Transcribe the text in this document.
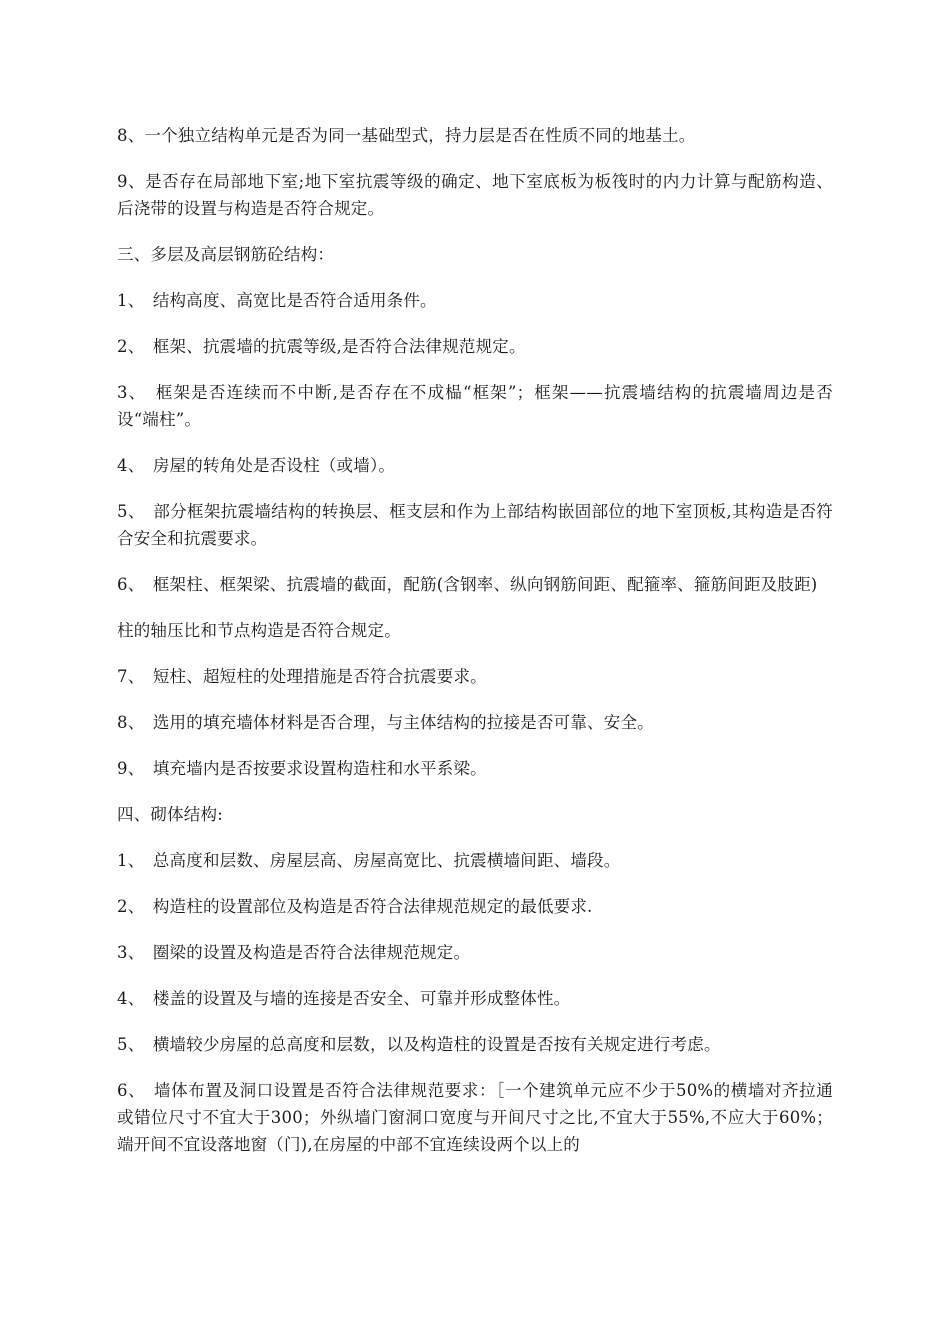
8、一个独立结构单元是否为同一基础型式，持力层是否在性质不同的地基土。

9、是否存在局部地下室;地下室抗震等级的确定、地下室底板为板筏时的内力计算与配筋构造、后浇带的设置与构造是否符合规定。

三、多层及高层钢筋砼结构：

1、　结构高度、高宽比是否符合适用条件。

2、　框架、抗震墙的抗震等级,是否符合法律规范规定。

3、　框架是否连续而不中断,是否存在不成榀“框架”；框架——抗震墙结构的抗震墙周边是否设“端柱”。

4、　房屋的转角处是否设柱（或墙）。

5、　部分框架抗震墙结构的转换层、框支层和作为上部结构嵌固部位的地下室顶板,其构造是否符合安全和抗震要求。

6、　框架柱、框架梁、抗震墙的截面，配筋(含钢率、纵向钢筋间距、配箍率、箍筋间距及肢距)

柱的轴压比和节点构造是否符合规定。

7、　短柱、超短柱的处理措施是否符合抗震要求。

8、　选用的填充墙体材料是否合理，与主体结构的拉接是否可靠、安全。

9、　填充墙内是否按要求设置构造柱和水平系梁。

四、砌体结构:

1、　总高度和层数、房屋层高、房屋高宽比、抗震横墙间距、墙段。

2、　构造柱的设置部位及构造是否符合法律规范规定的最低要求.

3、　圈梁的设置及构造是否符合法律规范规定。

4、　楼盖的设置及与墙的连接是否安全、可靠并形成整体性。

5、　横墙较少房屋的总高度和层数，以及构造柱的设置是否按有关规定进行考虑。

6、　墙体布置及洞口设置是否符合法律规范要求：［一个建筑单元应不少于50%的横墙对齐拉通或错位尺寸不宜大于300；外纵墙门窗洞口宽度与开间尺寸之比,不宜大于55%,不应大于60%；端开间不宜设落地窗（门),在房屋的中部不宜连续设两个以上的
